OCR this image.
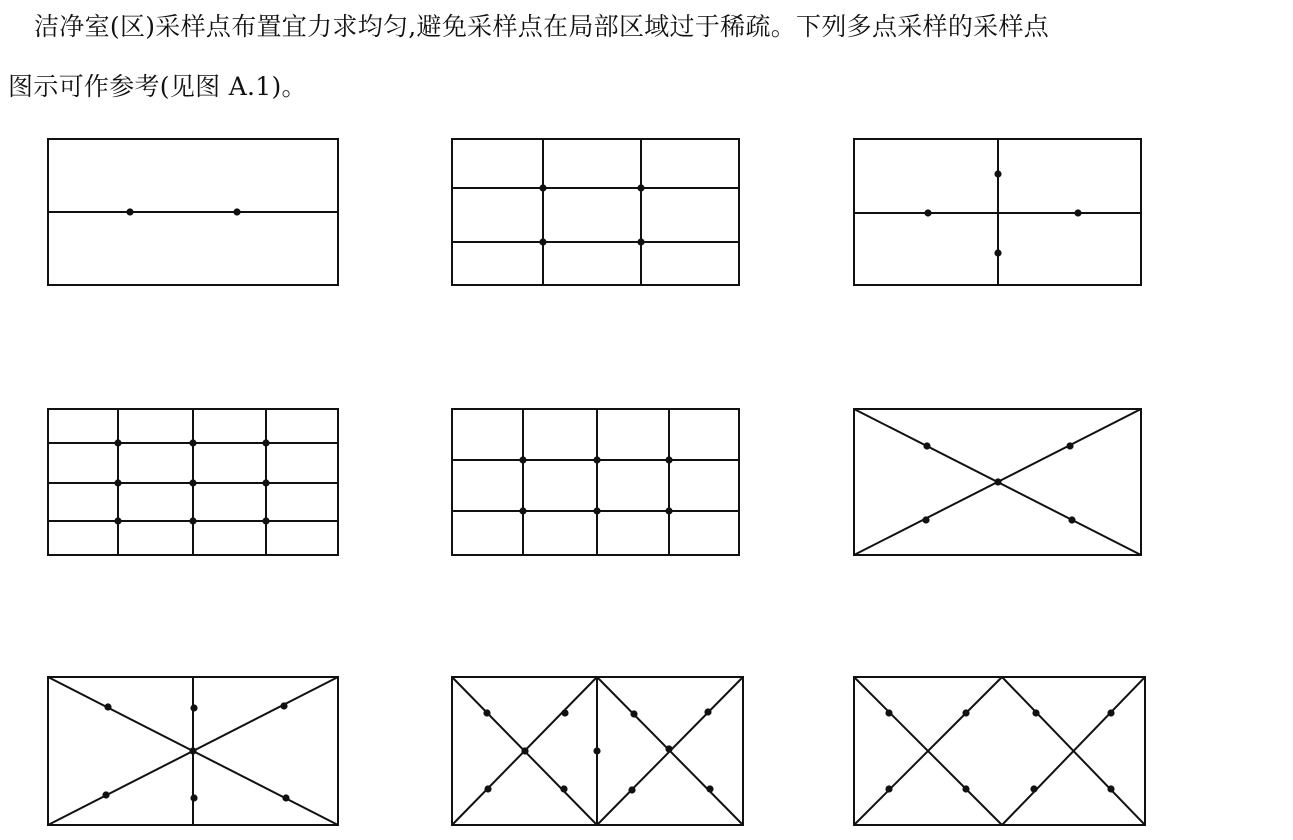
洁净室(区)采样点布置宜力求均匀,避免采样点在局部区域过于稀疏。下列多点采样的采样点
图示可作参考(见图 A.1)。
